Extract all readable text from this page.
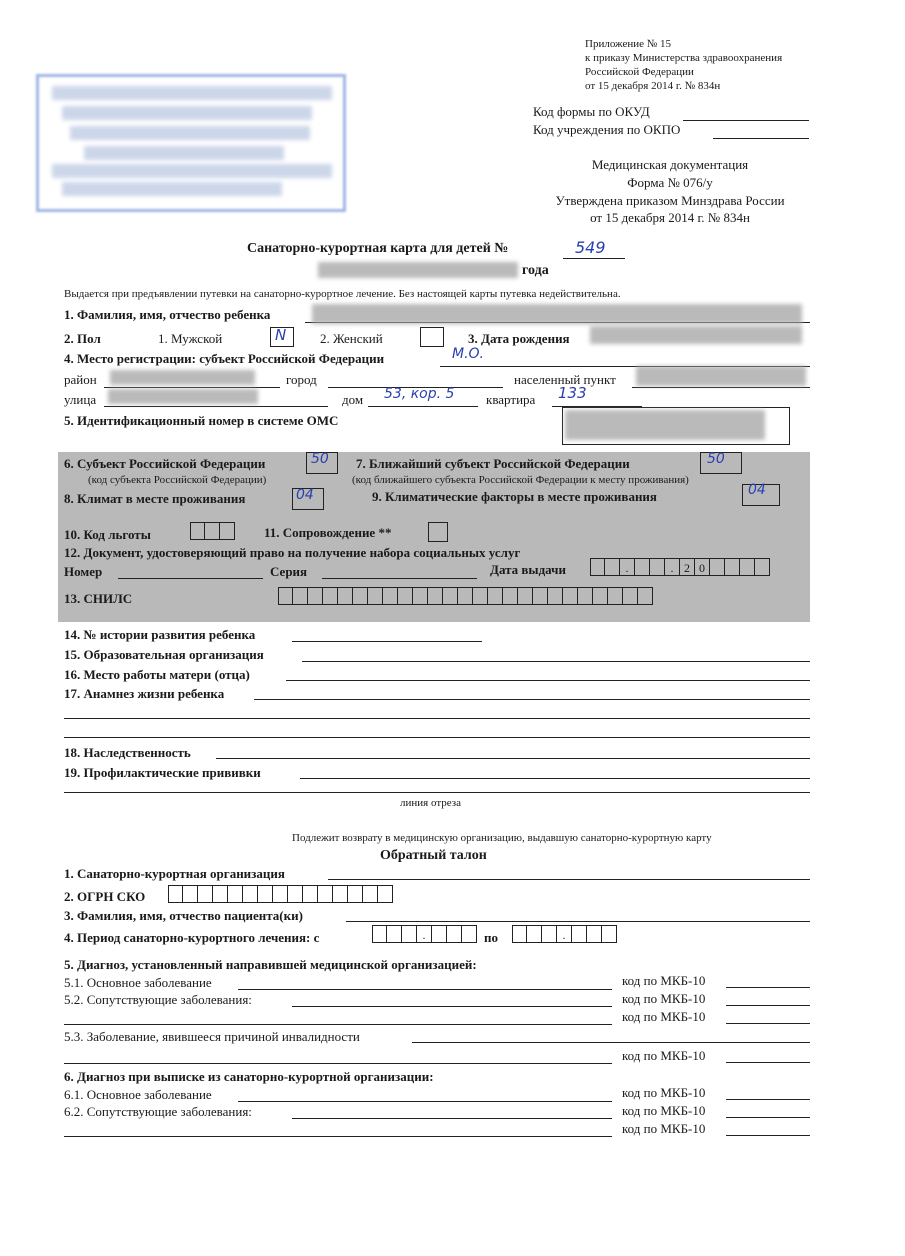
Приложение № 15
к приказу Министерства здравоохранения
Российской Федерации
от 15 декабря 2014 г. № 834н
Код формы по ОКУД
Код учреждения по ОКПО
Медицинская документация
Форма № 076/у
Утверждена приказом Минздрава России
от 15 декабря 2014 г. № 834н
Санаторно-курортная карта для детей №	549
года
Выдается при предъявлении путевки на санаторно-курортное лечение. Без настоящей карты путевка недействительна.
1. Фамилия, имя, отчество ребенка
2. Пол	1. Мужской	N	2. Женский	3. Дата рождения
4. Место регистрации: субъект Российской Федерации	М.О.
район	город	населенный пункт
улица	дом 53, кор. 5 квартира 133
5. Идентификационный номер в системе ОМС
6. Субъект Российской Федерации	50 7. Ближайший субъект Российской Федерации	50
(код субъекта Российской Федерации)	(код ближайшего субъекта Российской Федерации к месту проживания)
8. Климат в месте проживания	04	9. Климатические факторы в месте проживания	04
10. Код льготы	11. Сопровождение **
12. Документ, удостоверяющий право на получение набора социальных услуг
Номер	Серия	Дата выдачи	.	. 2 0
13. СНИЛС
14. № истории развития ребенка
15. Образовательная организация
16. Место работы матери (отца)
17. Анамнез жизни ребенка
18. Наследственность
19. Профилактические прививки
линия отреза
Подлежит возврату в медицинскую организацию, выдавшую санаторно-курортную карту
Обратный талон
1. Санаторно-курортная организация
2. ОГРН СКО
3. Фамилия, имя, отчество пациента(ки)
4. Период санаторно-курортного лечения: с	.	по	.
5. Диагноз, установленный направившей медицинской организацией:
5.1. Основное заболевание	код по МКБ-10
5.2. Сопутствующие заболевания:	код по МКБ-10
код по МКБ-10
5.3. Заболевание, явившееся причиной инвалидности
код по МКБ-10
6. Диагноз при выписке из санаторно-курортной организации:
6.1. Основное заболевание	код по МКБ-10
6.2. Сопутствующие заболевания:	код по МКБ-10
код по МКБ-10
